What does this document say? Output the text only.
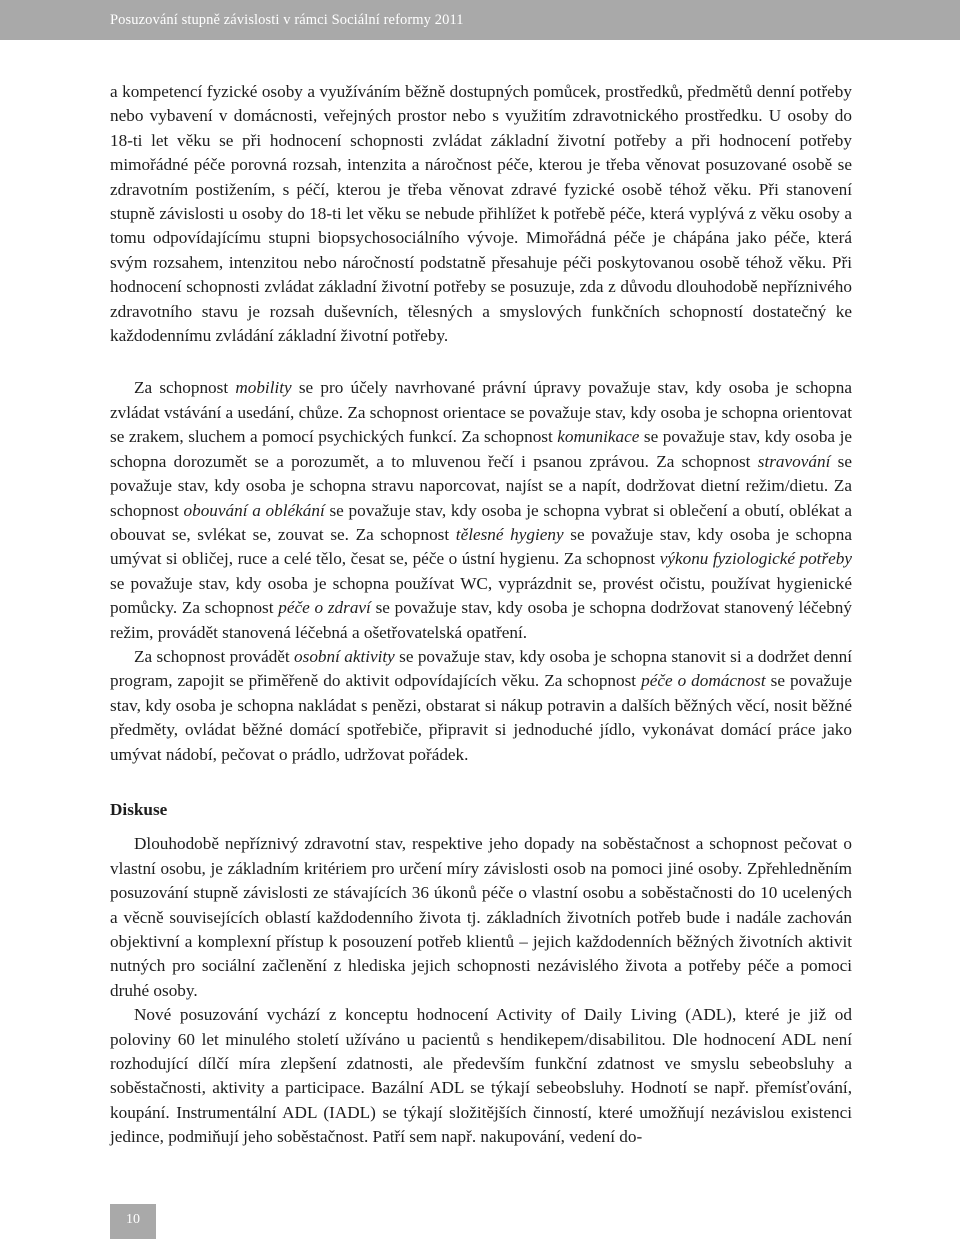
Posuzování stupně závislosti v rámci Sociální reformy 2011

a kompetencí fyzické osoby a využíváním běžně dostupných pomůcek, prostředků, předmětů denní potřeby nebo vybavení v domácnosti, veřejných prostor nebo s využitím zdravotnického prostředku. U osoby do 18-ti let věku se při hodnocení schopnosti zvládat základní životní potřeby a při hodnocení potřeby mimořádné péče porovná rozsah, intenzita a náročnost péče, kterou je třeba věnovat posuzované osobě se zdravotním postižením, s péčí, kterou je třeba věnovat zdravé fyzické osobě téhož věku. Při stanovení stupně závislosti u osoby do 18-ti let věku se nebude přihlížet k potřebě péče, která vyplývá z věku osoby a tomu odpovídajícímu stupni biopsychosociálního vývoje. Mimořádná péče je chápána jako péče, která svým rozsahem, intenzitou nebo náročností podstatně přesahuje péči poskytovanou osobě téhož věku. Při hodnocení schopnosti zvládat základní životní potřeby se posuzuje, zda z důvodu dlouhodobě nepříznivého zdravotního stavu je rozsah duševních, tělesných a smyslových funkčních schopností dostatečný ke každodennímu zvládání základní životní potřeby.

Za schopnost mobility se pro účely navrhované právní úpravy považuje stav, kdy osoba je schopna zvládat vstávání a usedání, chůze. Za schopnost orientace se považuje stav, kdy osoba je schopna orientovat se zrakem, sluchem a pomocí psychických funkcí. Za schopnost komunikace se považuje stav, kdy osoba je schopna dorozumět se a porozumět, a to mluvenou řečí i psanou zprávou. Za schopnost stravování se považuje stav, kdy osoba je schopna stravu naporcovat, najíst se a napít, dodržovat dietní režim/dietu. Za schopnost obouvání a oblékání se považuje stav, kdy osoba je schopna vybrat si oblečení a obutí, oblékat a obouvat se, svlékat se, zouvat se. Za schopnost tělesné hygieny se považuje stav, kdy osoba je schopna umývat si obličej, ruce a celé tělo, česat se, péče o ústní hygienu. Za schopnost výkonu fyziologické potřeby se považuje stav, kdy osoba je schopna používat WC, vyprázdnit se, provést očistu, používat hygienické pomůcky. Za schopnost péče o zdraví se považuje stav, kdy osoba je schopna dodržovat stanovený léčebný režim, provádět stanovená léčebná a ošetřovatelská opatření.

Za schopnost provádět osobní aktivity se považuje stav, kdy osoba je schopna stanovit si a dodržet denní program, zapojit se přiměřeně do aktivit odpovídajících věku. Za schopnost péče o domácnost se považuje stav, kdy osoba je schopna nakládat s penězi, obstarat si nákup potravin a dalších běžných věcí, nosit běžné předměty, ovládat běžné domácí spotřebiče, připravit si jednoduché jídlo, vykonávat domácí práce jako umývat nádobí, pečovat o prádlo, udržovat pořádek.

Diskuse

Dlouhodobě nepříznivý zdravotní stav, respektive jeho dopady na soběstačnost a schopnost pečovat o vlastní osobu, je základním kritériem pro určení míry závislosti osob na pomoci jiné osoby. Zpřehledněním posuzování stupně závislosti ze stávajících 36 úkonů péče o vlastní osobu a soběstačnosti do 10 ucelených a věcně souvisejících oblastí každodenního života tj. základních životních potřeb bude i nadále zachován objektivní a komplexní přístup k posouzení potřeb klientů – jejich každodenních běžných životních aktivit nutných pro sociální začlenění z hlediska jejich schopnosti nezávislého života a potřeby péče a pomoci druhé osoby.

Nové posuzování vychází z konceptu hodnocení Activity of Daily Living (ADL), které je již od poloviny 60 let minulého století užíváno u pacientů s hendikepem/disabilitou. Dle hodnocení ADL není rozhodující dílčí míra zlepšení zdatnosti, ale především funkční zdatnost ve smyslu sebeobsluhy a soběstačnosti, aktivity a participace. Bazální ADL se týkají sebeobsluhy. Hodnotí se např. přemísťování, koupání. Instrumentální ADL (IADL) se týkají složitějších činností, které umožňují nezávislou existenci jedince, podmiňují jeho soběstačnost. Patří sem např. nakupování, vedení do-

10
